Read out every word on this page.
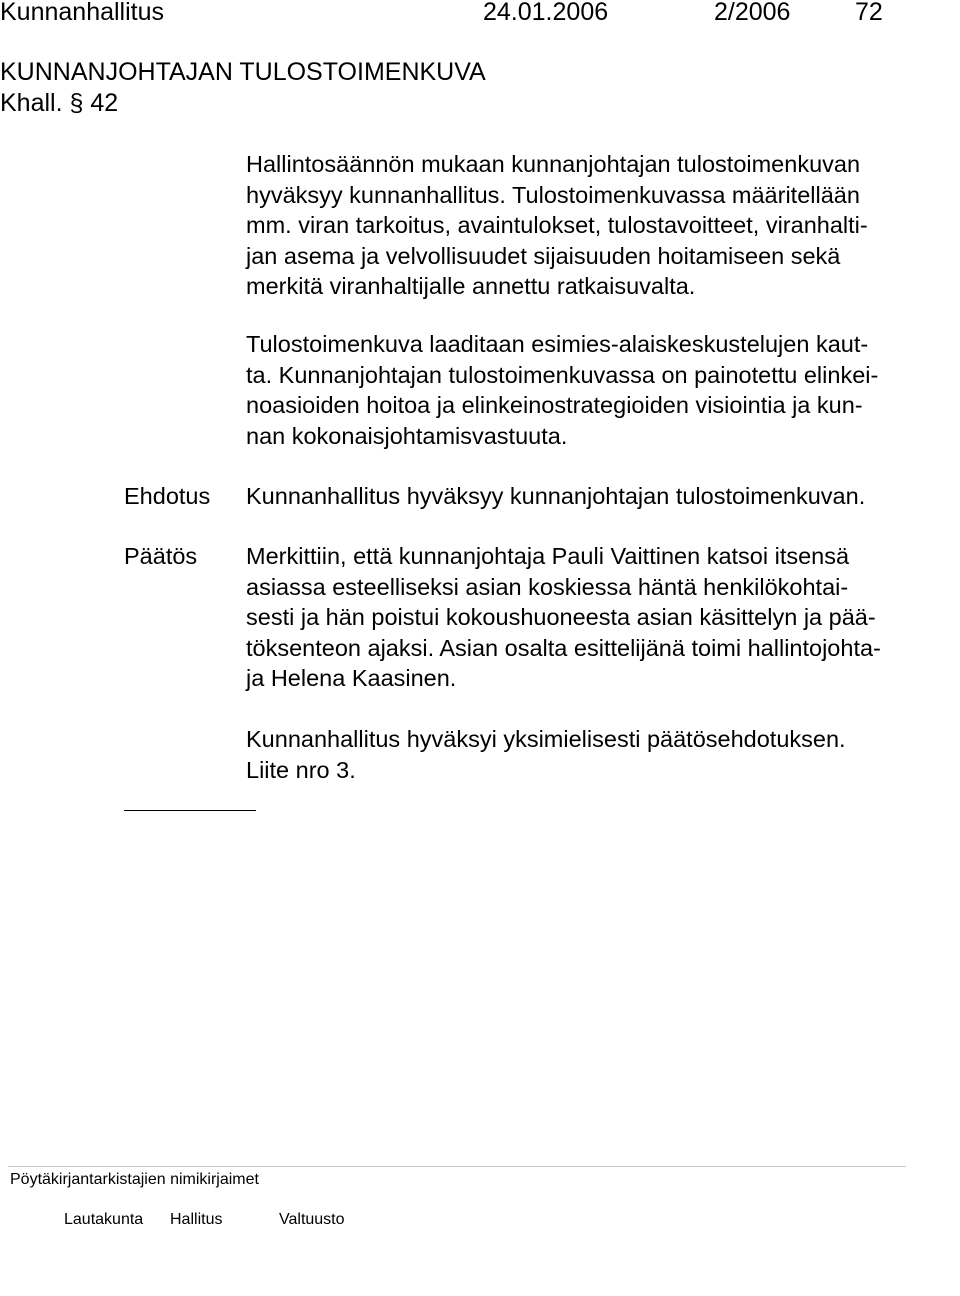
Kunnanhallitus	24.01.2006	2/2006	72
KUNNANJOHTAJAN TULOSTOIMENKUVA
Khall. § 42
Hallintosäännön mukaan kunnanjohtajan tulostoimenkuvan
hyväksyy kunnanhallitus. Tulostoimenkuvassa määritellään
mm. viran tarkoitus, avaintulokset, tulostavoitteet, viranhalti-
jan asema ja velvollisuudet sijaisuuden hoitamiseen sekä
merkitä viranhaltijalle annettu ratkaisuvalta.
Tulostoimenkuva laaditaan esimies-alaiskeskustelujen kaut-
ta. Kunnanjohtajan tulostoimenkuvassa on painotettu elinkei-
noasioiden hoitoa ja elinkeinostrategioiden visiointia ja kun-
nan kokonaisjohtamisvastuuta.
Ehdotus Kunnanhallitus hyväksyy kunnanjohtajan tulostoimenkuvan.
Päätös Merkittiin, että kunnanjohtaja Pauli Vaittinen katsoi itsensä
asiassa esteelliseksi asian koskiessa häntä henkilökohtai-
sesti ja hän poistui kokoushuoneesta asian käsittelyn ja pää-
töksenteon ajaksi. Asian osalta esittelijänä toimi hallintojohta-
ja Helena Kaasinen.
Kunnanhallitus hyväksyi yksimielisesti päätösehdotuksen.
Liite nro 3.
Pöytäkirjantarkistajien nimikirjaimet
Lautakunta Hallitus	Valtuusto
